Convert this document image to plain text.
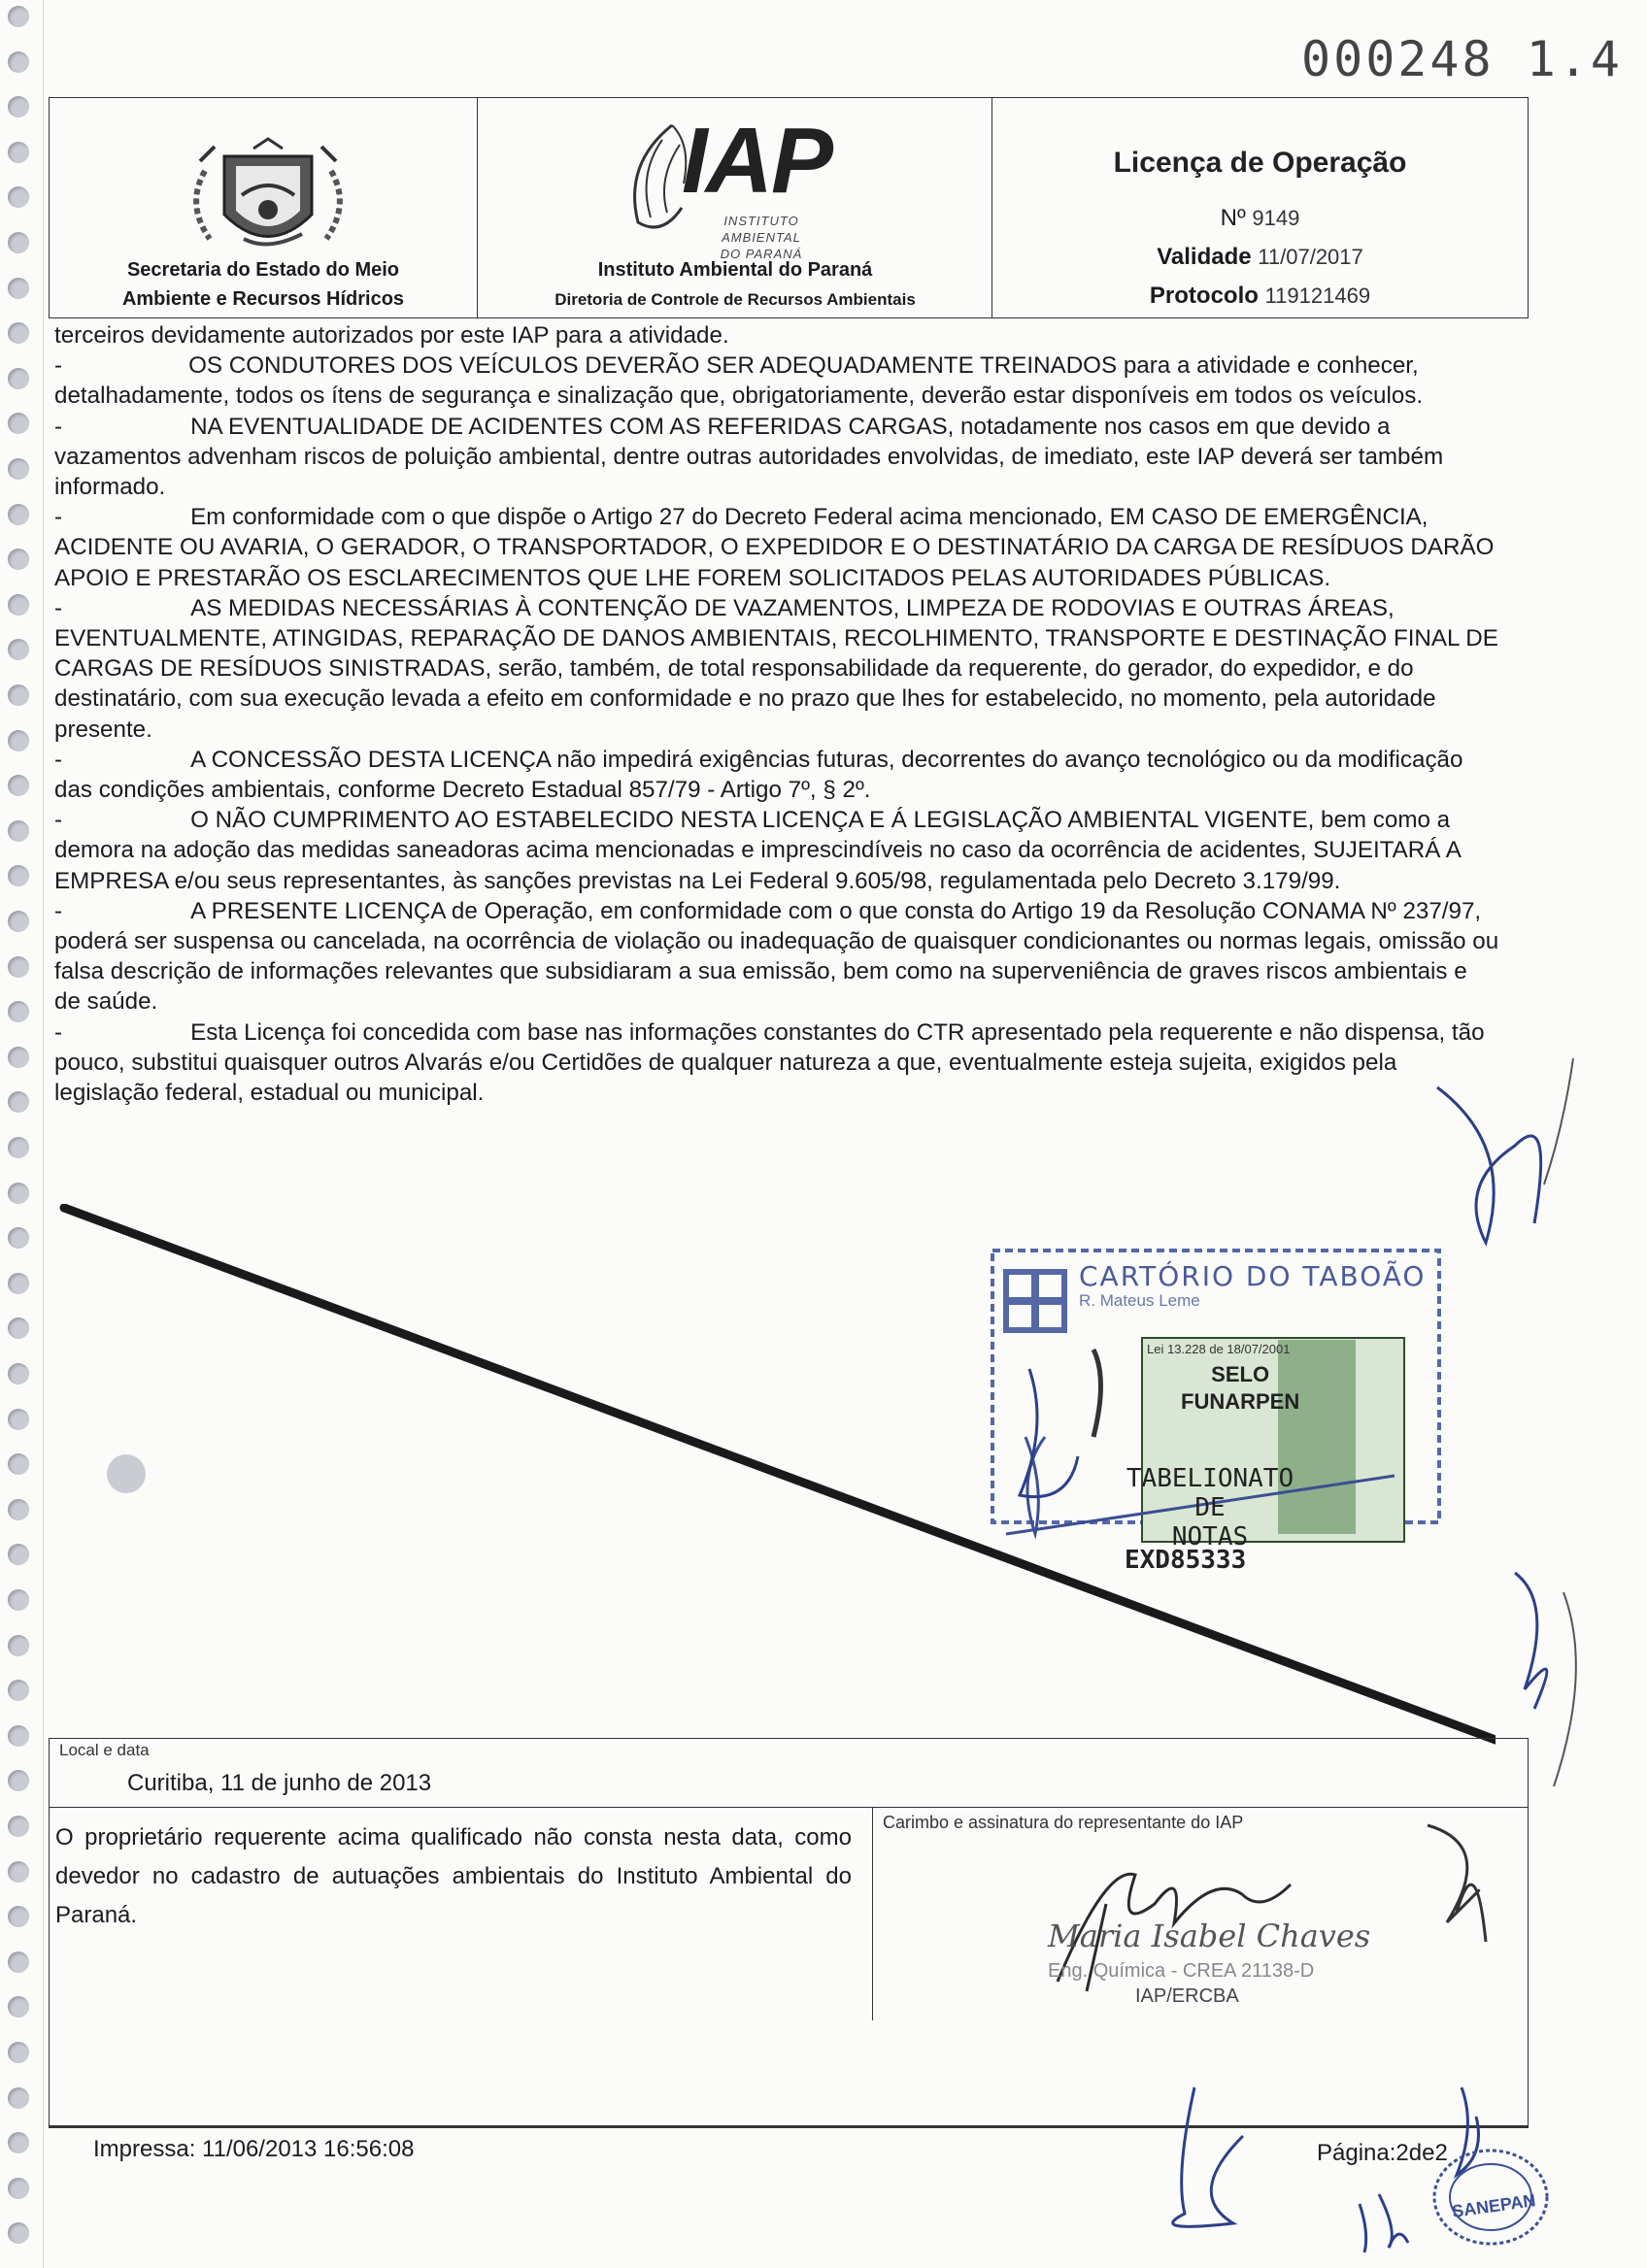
000248 1.4
Secretaria do Estado do Meio
Ambiente e Recursos Hídricos
IAP
INSTITUTO AMBIENTAL
DO PARANÁ
Instituto Ambiental do Paraná
Diretoria de Controle de Recursos Ambientais
Licença de Operação
Nº 9149
Validade 11/07/2017
Protocolo 119121469

terceiros devidamente autorizados por este IAP para a atividade.

-	OS CONDUTORES DOS VEÍCULOS DEVERÃO SER ADEQUADAMENTE TREINADOS para a atividade e conhecer, detalhadamente, todos os ítens de segurança e sinalização que, obrigatoriamente, deverão estar disponíveis em todos os veículos.

-	NA EVENTUALIDADE DE ACIDENTES COM AS REFERIDAS CARGAS, notadamente nos casos em que devido a vazamentos advenham riscos de poluição ambiental, dentre outras autoridades envolvidas, de imediato, este IAP deverá ser também informado.

-	Em conformidade com o que dispõe o Artigo 27 do Decreto Federal acima mencionado, EM CASO DE EMERGÊNCIA, ACIDENTE OU AVARIA, O GERADOR, O TRANSPORTADOR, O EXPEDIDOR E O DESTINATÁRIO DA CARGA DE RESÍDUOS DARÃO APOIO E PRESTARÃO OS ESCLARECIMENTOS QUE LHE FOREM SOLICITADOS PELAS AUTORIDADES PÚBLICAS.

-	AS MEDIDAS NECESSÁRIAS À CONTENÇÃO DE VAZAMENTOS, LIMPEZA DE RODOVIAS E OUTRAS ÁREAS, EVENTUALMENTE, ATINGIDAS, REPARAÇÃO DE DANOS AMBIENTAIS, RECOLHIMENTO, TRANSPORTE E DESTINAÇÃO FINAL DE CARGAS DE RESÍDUOS SINISTRADAS, serão, também, de total responsabilidade da requerente, do gerador, do expedidor, e do destinatário, com sua execução levada a efeito em conformidade e no prazo que lhes for estabelecido, no momento, pela autoridade presente.

-	A CONCESSÃO DESTA LICENÇA não impedirá exigências futuras, decorrentes do avanço tecnológico ou da modificação das condições ambientais, conforme Decreto Estadual 857/79 - Artigo 7º, § 2º.

-	O NÃO CUMPRIMENTO AO ESTABELECIDO NESTA LICENÇA E Á LEGISLAÇÃO AMBIENTAL VIGENTE, bem como a demora na adoção das medidas saneadoras acima mencionadas e imprescindíveis no caso da ocorrência de acidentes, SUJEITARÁ A EMPRESA e/ou seus representantes, às sanções previstas na Lei Federal 9.605/98, regulamentada pelo Decreto 3.179/99.

-	A PRESENTE LICENÇA de Operação, em conformidade com o que consta do Artigo 19 da Resolução CONAMA Nº 237/97, poderá ser suspensa ou cancelada, na ocorrência de violação ou inadequação de quaisquer condicionantes ou normas legais, omissão ou falsa descrição de informações relevantes que subsidiaram a sua emissão, bem como na superveniência de graves riscos ambientais e de saúde.

-	Esta Licença foi concedida com base nas informações constantes do CTR apresentado pela requerente e não dispensa, tão pouco, substitui quaisquer outros Alvarás e/ou Certidões de qualquer natureza a que, eventualmente esteja sujeita, exigidos pela legislação federal, estadual ou municipal.

CARTÓRIO DO TABOÃO
R. Mateus Leme
Lei 13.228 de 18/07/2001
SELO
FUNARPEN
TABELIONATO
DE
NOTAS
EXD85333
Local e data
Curitiba, 11 de junho de 2013
O proprietário requerente acima qualificado não consta nesta data, como devedor no cadastro de autuações ambientais do Instituto Ambiental do Paraná.
Carimbo e assinatura do representante do IAP
Maria Isabel Chaves
Eng. Química - CREA 21138-D
IAP/ERCBA
Impressa: 11/06/2013 16:56:08	Página:2de2
SANEPAN
